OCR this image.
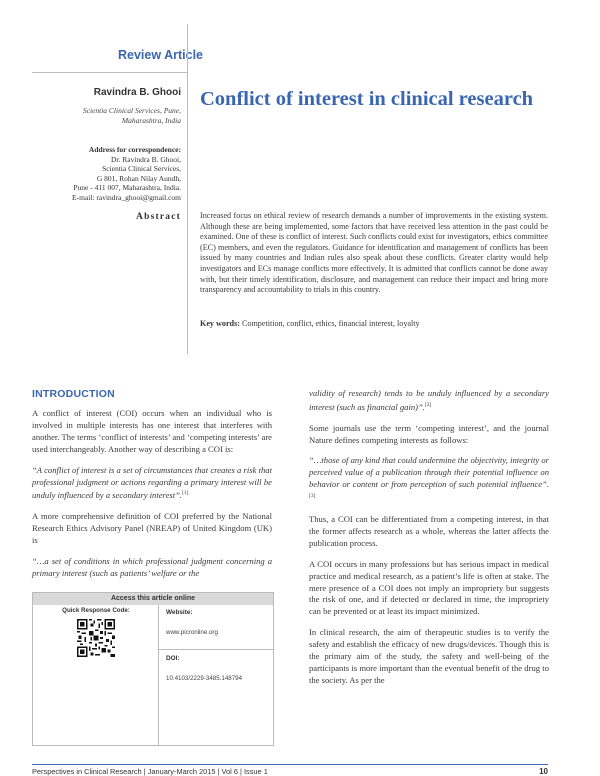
Review Article
Conflict of interest in clinical research
Ravindra B. Ghooi
Scientia Clinical Services, Pune,
Maharashtra, India
Address for correspondence:
Dr. Ravindra B. Ghooi,
Scientia Clinical Services,
G 801, Rohan Nilay Aundh,
Pune - 411 007, Maharashtra, India.
E-mail: ravindra_ghooi@gmail.com
Abstract Increased focus on ethical review of research demands a number of improvements in the existing system. Although these are being implemented, some factors that have received less attention in the past could be examined. One of these is conflict of interest. Such conflicts could exist for investigators, ethics committee (EC) members, and even the regulators. Guidance for identification and management of conflicts has been issued by many countries and Indian rules also speak about these conflicts. Greater clarity would help investigators and ECs manage conflicts more effectively. It is admitted that conflicts cannot be done away with, but their timely identification, disclosure, and management can reduce their impact and bring more transparency and accountability to trials in this country.
Key words: Competition, conflict, ethics, financial interest, loyalty
INTRODUCTION

A conflict of interest (COI) occurs when an individual who is involved in multiple interests has one interest that interferes with another. The terms ‘conflict of interests’ and ‘competing interests’ are used interchangeably. Another way of describing a COI is:

“A conflict of interest is a set of circumstances that creates a risk that professional judgment or actions regarding a primary interest will be unduly influenced by a secondary interest”.[1]

A more comprehensive definition of COI preferred by the National Research Ethics Advisory Panel (NREAP) of United Kingdom (UK) is

“…a set of conditions in which professional judgment concerning a primary interest (such as patients’ welfare or the

validity of research) tends to be unduly influenced by a secondary interest (such as financial gain)”.[2]

Some journals use the term ‘competing interest’, and the journal Nature defines competing interests as follows:

“…those of any kind that could undermine the objectivity, integrity or perceived value of a publication through their potential influence on behavior or content or from perception of such potential influence”.[3]

Thus, a COI can be differentiated from a competing interest, in that the former affects research as a whole, whereas the latter affects the publication process.

A COI occurs in many professions but has serious impact in medical practice and medical research, as a patient’s life is often at stake. The mere presence of a COI does not imply an impropriety but suggests the risk of one, and if detected or declared in time, the impropriety can be prevented or at least its impact minimized.

In clinical research, the aim of therapeutic studies is to verify the safety and establish the efficacy of new drugs/devices. Though this is the primary aim of the study, the safety and well-being of the participants is more important than the eventual benefit of the drug to the society. As per the

Access this article online
Quick Response Code:	Website:
www.picronline.org
DOI:
10.4103/2229-3485.148794
Perspectives in Clinical Research | January-March 2015 | Vol 6 | Issue 1	10
